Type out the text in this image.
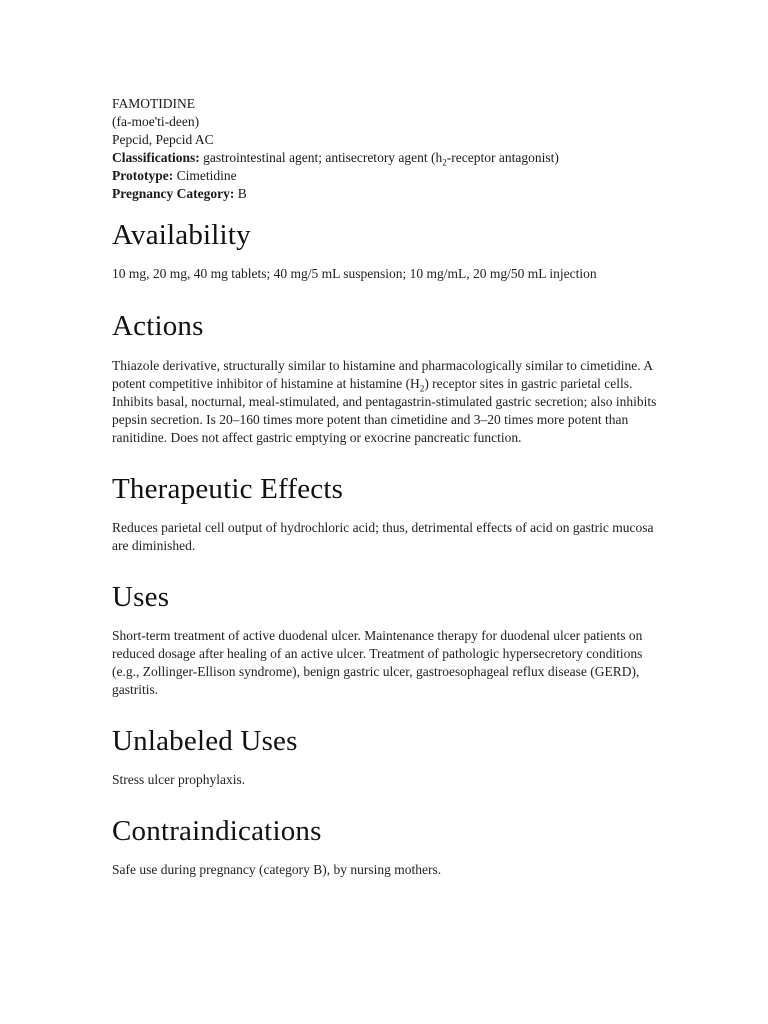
FAMOTIDINE

(fa-moe'ti-deen)

Pepcid, Pepcid AC

Classifications: gastrointestinal agent; antisecretory agent ($h_2$-receptor antagonist)

Prototype: Cimetidine

Pregnancy Category: B

Availability

10 mg, 20 mg, 40 mg tablets; 40 mg/5 mL suspension; 10 mg/mL, 20 mg/50 mL injection

Actions

Thiazole derivative, structurally similar to histamine and pharmacologically similar to cimetidine. A potent competitive inhibitor of histamine at histamine $(H_2)$ receptor sites in gastric parietal cells. Inhibits basal, nocturnal, meal-stimulated, and pentagastrin-stimulated gastric secretion; also inhibits pepsin secretion. Is 20–160 times more potent than cimetidine and 3–20 times more potent than ranitidine. Does not affect gastric emptying or exocrine pancreatic function.

Therapeutic Effects

Reduces parietal cell output of hydrochloric acid; thus, detrimental effects of acid on gastric mucosa are diminished.

Uses

Short-term treatment of active duodenal ulcer. Maintenance therapy for duodenal ulcer patients on reduced dosage after healing of an active ulcer. Treatment of pathologic hypersecretory conditions (e.g., Zollinger-Ellison syndrome), benign gastric ulcer, gastroesophageal reflux disease (GERD), gastritis.

Unlabeled Uses

Stress ulcer prophylaxis.

Contraindications

Safe use during pregnancy (category B), by nursing mothers.
